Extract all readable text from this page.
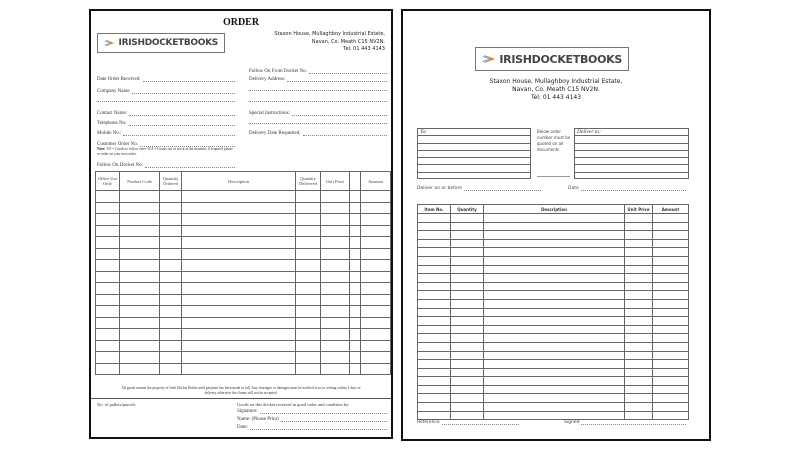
ORDER
IRISHDOCKETBOOKS
Staxon House, Mullaghboy Industrial Estate,
Navan, Co. Meath C15 NV2N.
Tel: 01 443 4143
Date Order Received:
Company Name
Contact Name:
Telephone No:
Mobile No.:
Customer Order No.
Note: T/F = Goods to follow later. N/A = Goods out of stock at the moment, if required please re-order on your next order.
Follow On Docket No:
Follow On From Docket No.
Delivery Address:
Special Instructions:
Delivery Date Requested:
Office Use Only	Product Code	Quantity Ordered	Description	Quantity Delivered	Unit Price		Amount

All goods remain the property of Irish Docket Books until payment has been made in full. Any shortages or damages must be notified to us in writing within 3 days of delivery otherwise the claims will not be accepted.
No. of pallets/parcels	Goods on this docket received in good order and condition by:
Signature:
Name: (Please Print)
Date:
IRISHDOCKETBOOKS
Staxon House, Mullaghboy Industrial Estate,
Navan, Co. Meath C15 NV2N.
Tel: 01 443 4143
To:	Below order number must be quoted on all documents
Deliver to:
Deliver on or before	Date
Item No.	Quantity	Description	Unit Price	Amount

Reference	Signed
